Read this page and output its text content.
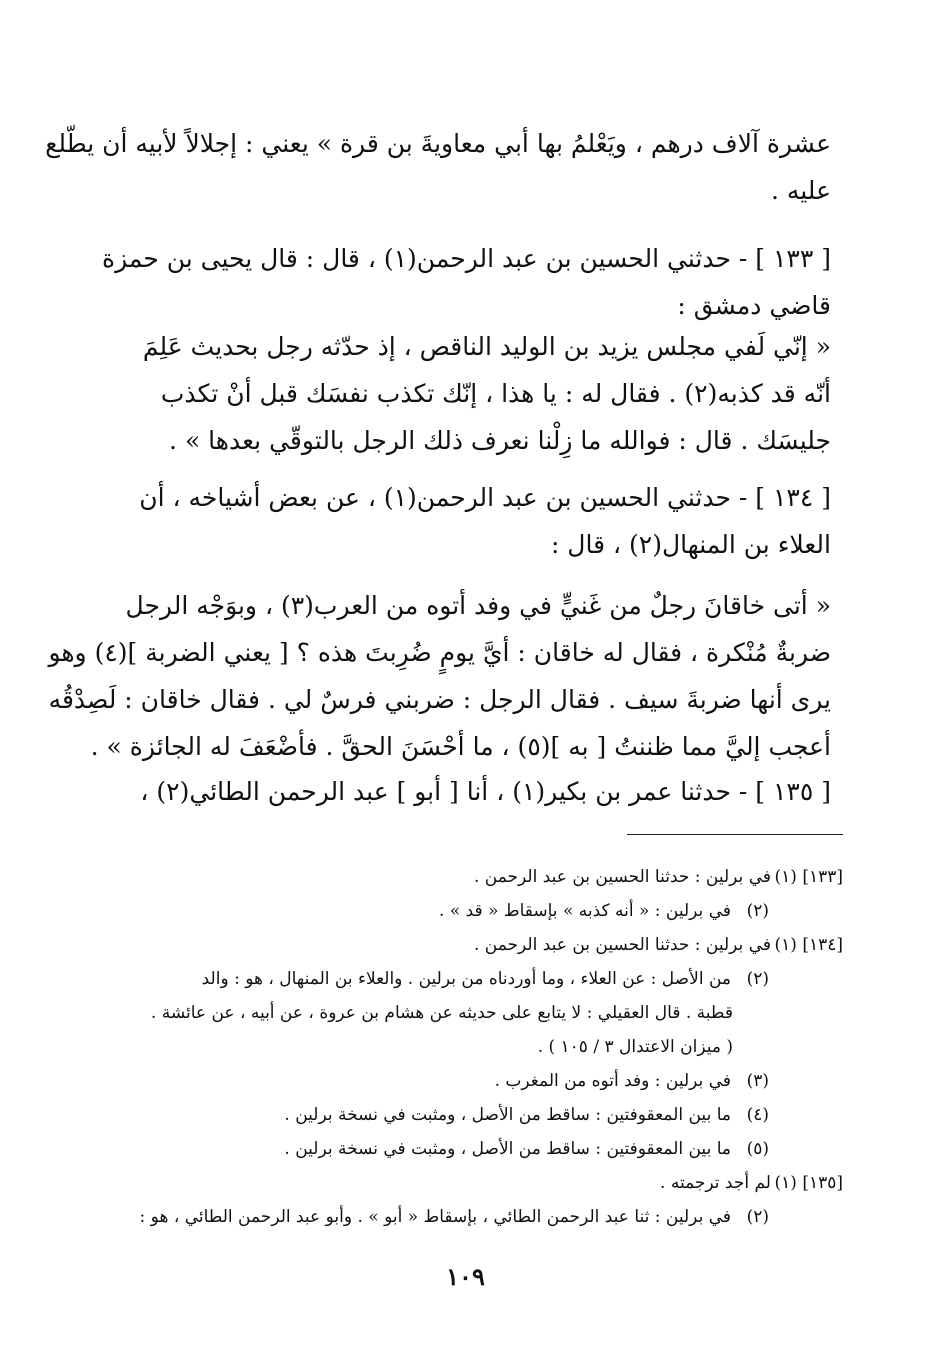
عشرة آلاف درهم ، ويَعْلمُ بها أبي معاويةَ بن قرة » يعني : إجلالاً لأبيه أن يطّلع
عليه .
[ ١٣٣ ] - حدثني الحسين بن عبد الرحمن(١) ، قال : قال يحيى بن حمزة
قاضي دمشق :
« إنّي لَفي مجلس يزيد بن الوليد الناقص ، إذ حدّثه رجل بحديث عَلِمَ
أنّه قد كذبه(٢) . فقال له : يا هذا ، إنّك تكذب نفسَك قبل أنْ تكذب
جليسَك . قال : فوالله ما زِلْنا نعرف ذلك الرجل بالتوقّي بعدها » .
[ ١٣٤ ] - حدثني الحسين بن عبد الرحمن(١) ، عن بعض أشياخه ، أن
العلاء بن المنهال(٢) ، قال :
« أتى خاقانَ رجلٌ من غَنيٍّ في وفد أتوه من العرب(٣) ، وبوَجْه الرجل
ضربةٌ مُنْكرة ، فقال له خاقان : أيَّ يومٍ ضُرِبتَ هذه ؟ [ يعني الضربة ](٤) وهو
يرى أنها ضربةَ سيف . فقال الرجل : ضربني فرسٌ لي . فقال خاقان : لَصِدْقُه
أعجب إليَّ مما ظننتُ [ به ](٥) ، ما أحْسَنَ الحقَّ . فأضْعَفَ له الجائزة » .
[ ١٣٥ ] - حدثنا عمر بن بكير(١) ، أنا [ أبو ] عبد الرحمن الطائي(٢) ،
[١٣٣] (١)في برلين : حدثنا الحسين بن عبد الرحمن .
(٢)في برلين : « أنه كذبه » بإسقاط « قد » .
[١٣٤] (١)في برلين : حدثنا الحسين بن عبد الرحمن .
(٢)من الأصل : عن العلاء ، وما أوردناه من برلين . والعلاء بن المنهال ، هو : والد
قطبة . قال العقيلي : لا يتابع على حديثه عن هشام بن عروة ، عن أبيه ، عن عائشة .
( ميزان الاعتدال ٣ / ١٠٥ ) .
(٣)في برلين : وفد أتوه من المغرب .
(٤)ما بين المعقوفتين : ساقط من الأصل ، ومثبت في نسخة برلين .
(٥)ما بين المعقوفتين : ساقط من الأصل ، ومثبت في نسخة برلين .
[١٣٥] (١)لم أجد ترجمته .
(٢)في برلين : ثنا عبد الرحمن الطائي ، بإسقاط « أبو » . وأبو عبد الرحمن الطائي ، هو :
١٠٩
